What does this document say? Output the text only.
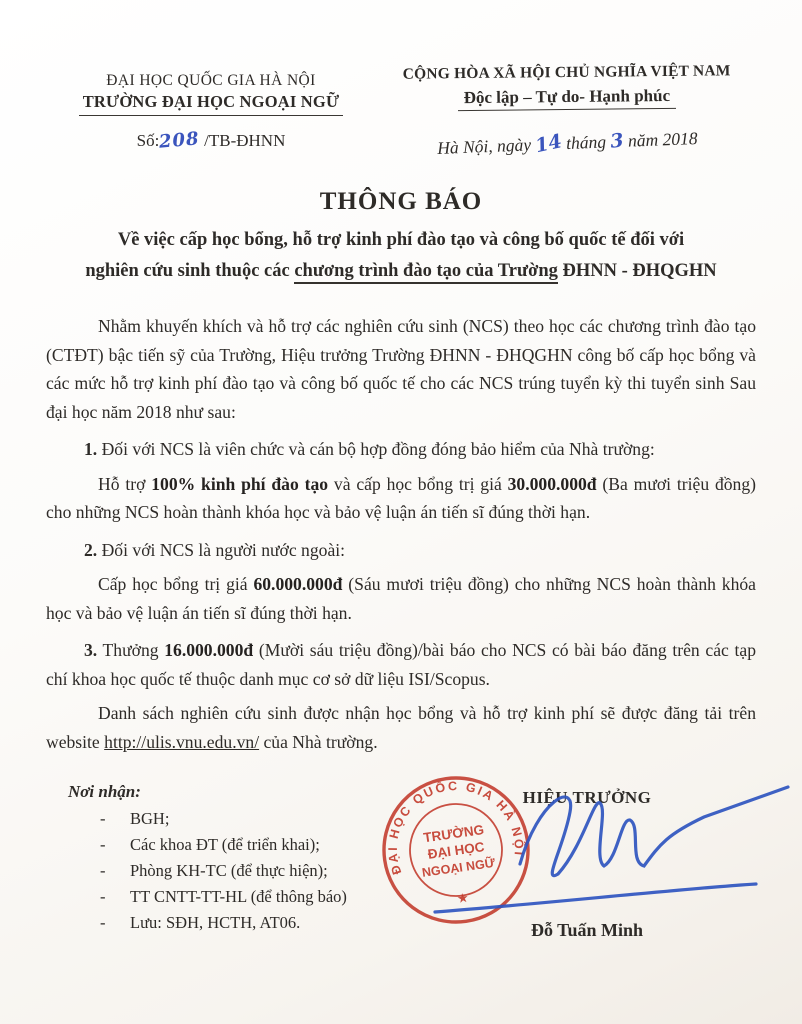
ĐẠI HỌC QUỐC GIA HÀ NỘI
TRƯỜNG ĐẠI HỌC NGOẠI NGỮ
Số:208 /TB-ĐHNN
CỘNG HÒA XÃ HỘI CHỦ NGHĨA VIỆT NAM
Độc lập – Tự do- Hạnh phúc
Hà Nội, ngày 14 tháng 3 năm 2018
THÔNG BÁO
Về việc cấp học bổng, hỗ trợ kinh phí đào tạo và công bố quốc tế đối với
nghiên cứu sinh thuộc các chương trình đào tạo của Trường ĐHNN - ĐHQGHN

Nhằm khuyến khích và hỗ trợ các nghiên cứu sinh (NCS) theo học các chương trình đào tạo (CTĐT) bậc tiến sỹ của Trường, Hiệu trưởng Trường ĐHNN - ĐHQGHN công bố cấp học bổng và các mức hỗ trợ kinh phí đào tạo và công bố quốc tế cho các NCS trúng tuyển kỳ thi tuyển sinh Sau đại học năm 2018 như sau:

1. Đối với NCS là viên chức và cán bộ hợp đồng đóng bảo hiểm của Nhà trường:

Hỗ trợ 100% kinh phí đào tạo và cấp học bổng trị giá 30.000.000đ (Ba mươi triệu đồng) cho những NCS hoàn thành khóa học và bảo vệ luận án tiến sĩ đúng thời hạn.

2. Đối với NCS là người nước ngoài:

Cấp học bổng trị giá 60.000.000đ (Sáu mươi triệu đồng) cho những NCS hoàn thành khóa học và bảo vệ luận án tiến sĩ đúng thời hạn.

3. Thưởng 16.000.000đ (Mười sáu triệu đồng)/bài báo cho NCS có bài báo đăng trên các tạp chí khoa học quốc tế thuộc danh mục cơ sở dữ liệu ISI/Scopus.

Danh sách nghiên cứu sinh được nhận học bổng và hỗ trợ kinh phí sẽ được đăng tải trên website http://ulis.vnu.edu.vn/ của Nhà trường.

Nơi nhận:
- BGH;
- Các khoa ĐT (để triển khai);
- Phòng KH-TC (để thực hiện);
- TT CNTT-TT-HL (để thông báo)
- Lưu: SĐH, HCTH, AT06.
HIỆU TRƯỞNG
Đỗ Tuấn Minh
ĐẠI HỌC QUỐC GIA HÀ NỘI
TRƯỜNG
ĐẠI HỌC
NGOẠI NGỮ
★
